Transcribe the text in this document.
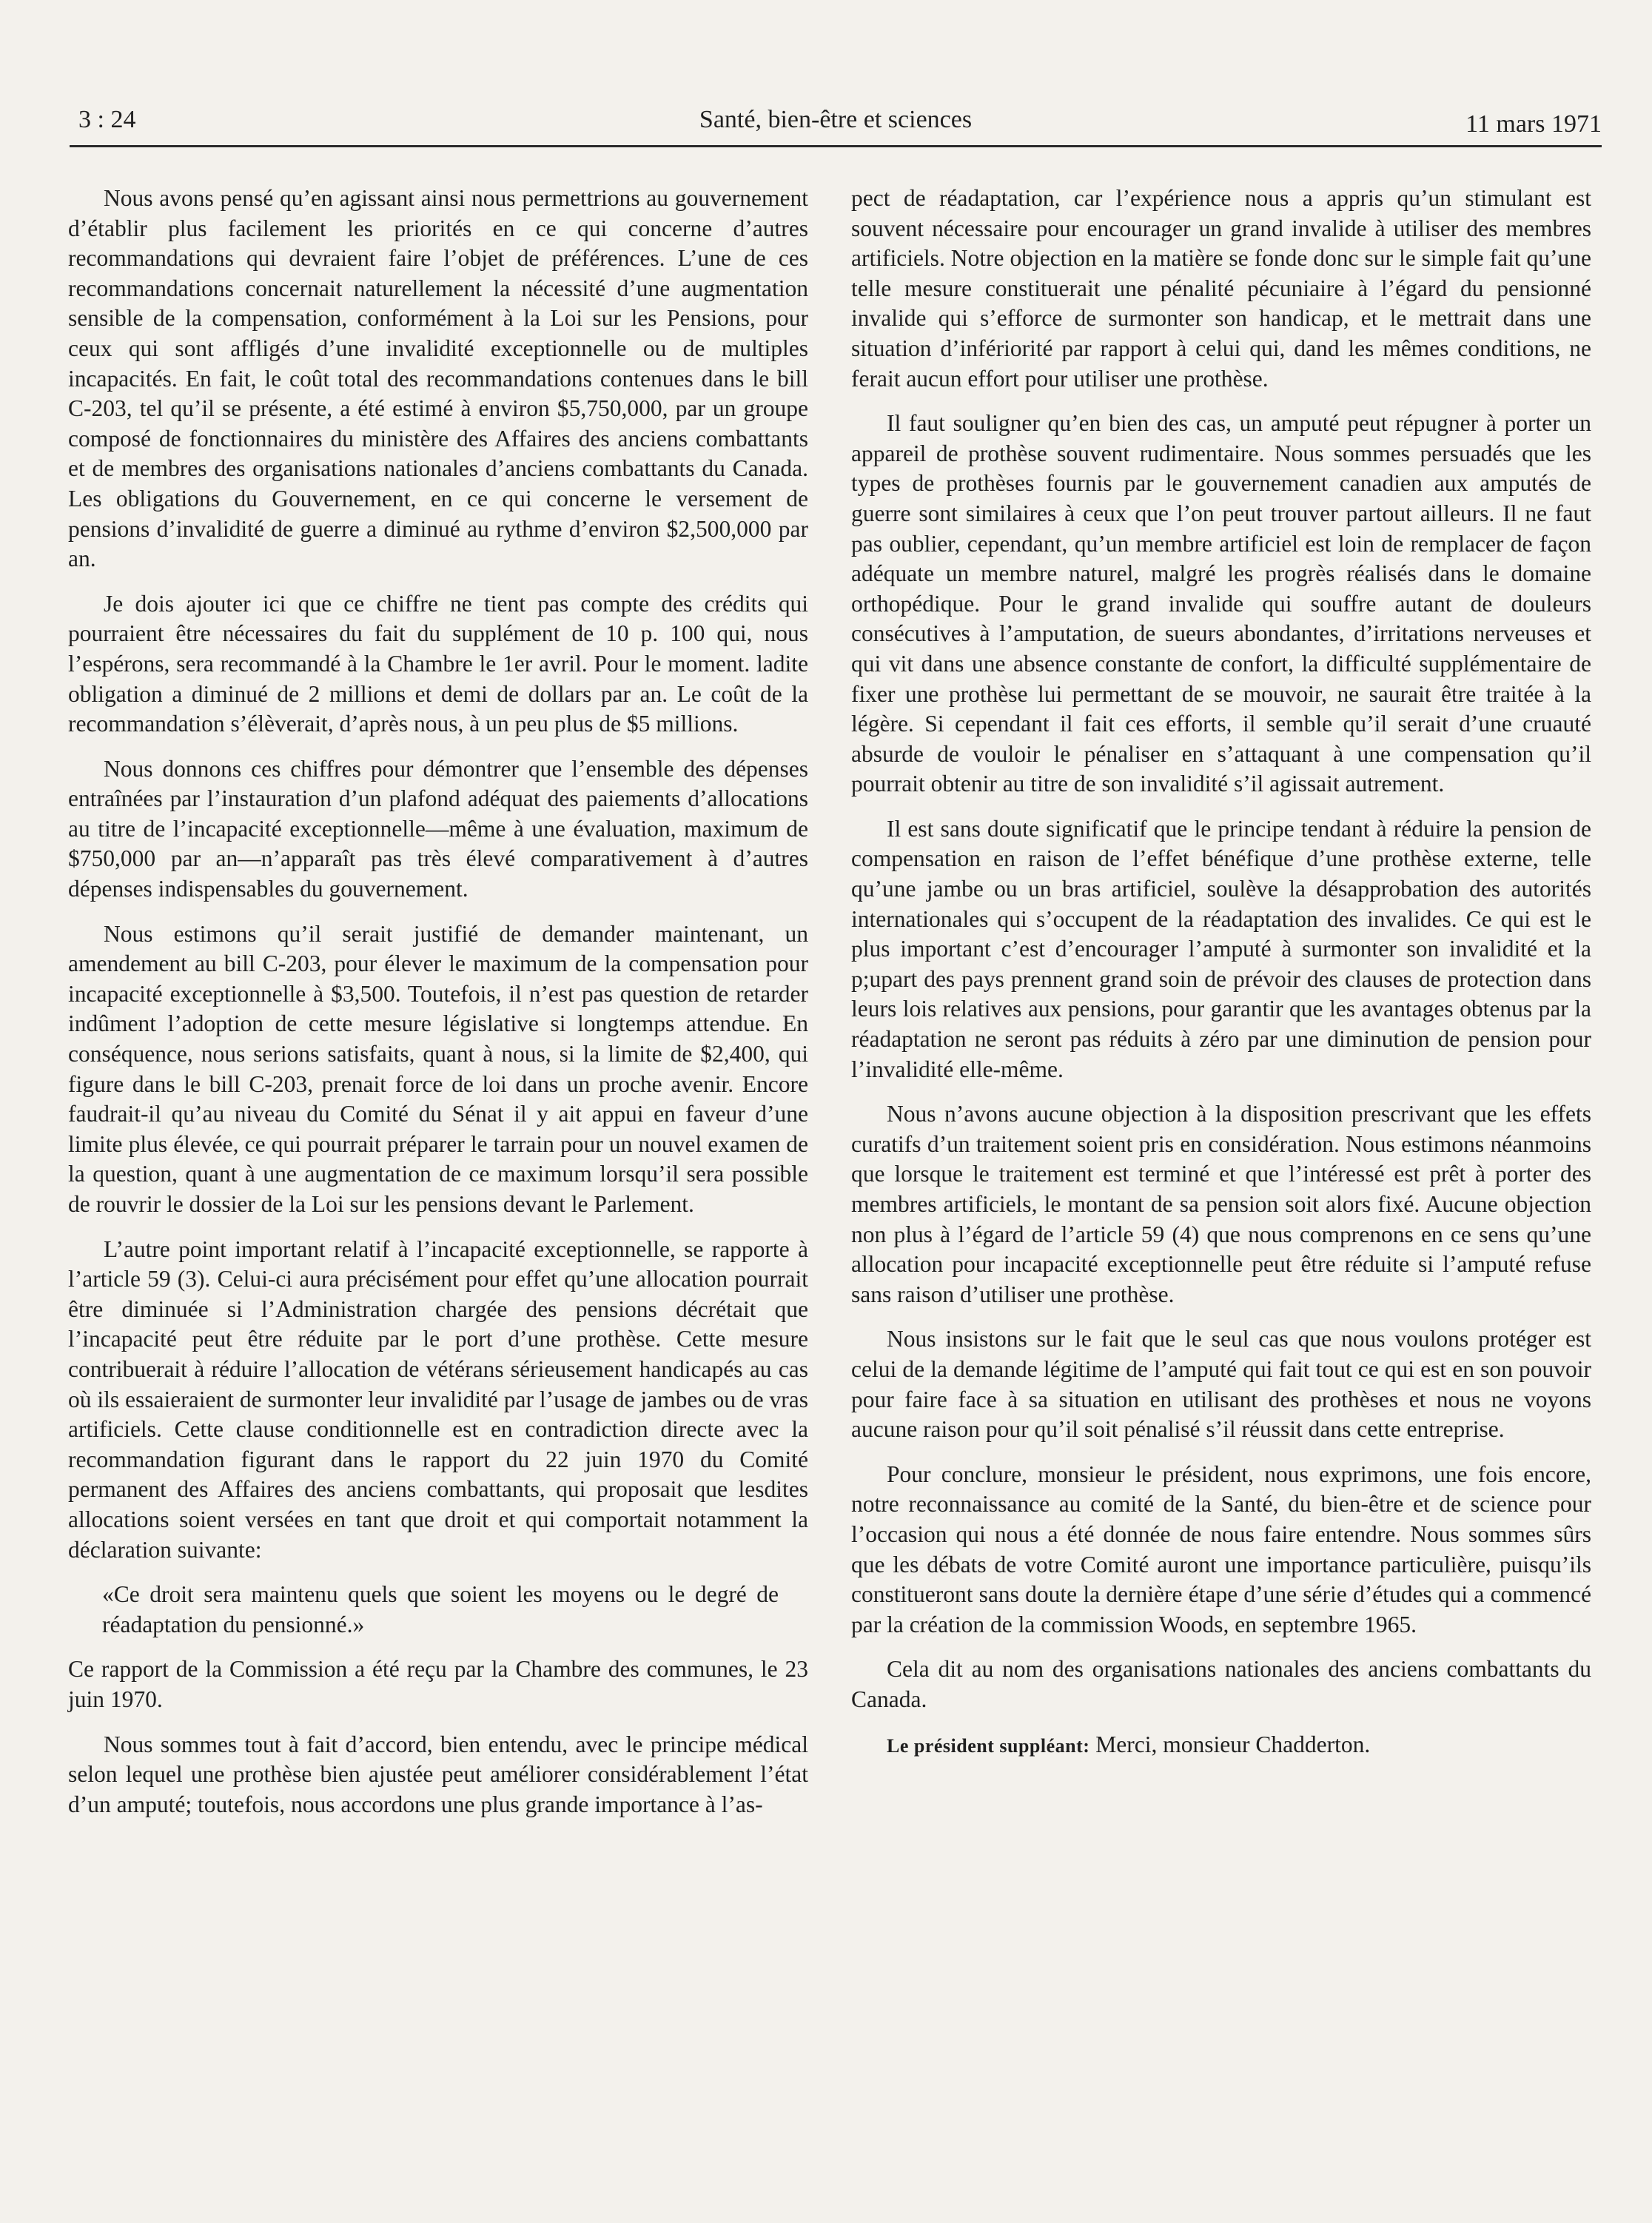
3 : 24	Santé, bien-être et sciences	11 mars 1971

Nous avons pensé qu’en agissant ainsi nous permettrions au gouvernement d’établir plus facilement les priorités en ce qui concerne d’autres recommandations qui devraient faire l’objet de préférences. L’une de ces recommandations concernait naturellement la nécessité d’une augmentation sensible de la compensation, conformément à la Loi sur les Pensions, pour ceux qui sont affligés d’une invalidité exceptionnelle ou de multiples incapacités. En fait, le coût total des recommandations contenues dans le bill C-203, tel qu’il se présente, a été estimé à environ $5,750,000, par un groupe composé de fonctionnaires du ministère des Affaires des anciens combattants et de membres des organisations nationales d’anciens combattants du Canada. Les obligations du Gouvernement, en ce qui concerne le versement de pensions d’invalidité de guerre a diminué au rythme d’environ $2,500,000 par an.

Je dois ajouter ici que ce chiffre ne tient pas compte des crédits qui pourraient être nécessaires du fait du supplément de 10 p. 100 qui, nous l’espérons, sera recommandé à la Chambre le 1er avril. Pour le moment. ladite obligation a diminué de 2 millions et demi de dollars par an. Le coût de la recommandation s’élèverait, d’après nous, à un peu plus de $5 millions.

Nous donnons ces chiffres pour démontrer que l’ensemble des dépenses entraînées par l’instauration d’un plafond adéquat des paiements d’allocations au titre de l’incapacité exceptionnelle—même à une évaluation, maximum de $750,000 par an—n’apparaît pas très élevé comparativement à d’autres dépenses indispensables du gouvernement.

Nous estimons qu’il serait justifié de demander maintenant, un amendement au bill C-203, pour élever le maximum de la compensation pour incapacité exceptionnelle à $3,500. Toutefois, il n’est pas question de retarder indûment l’adoption de cette mesure législative si longtemps attendue. En conséquence, nous serions satisfaits, quant à nous, si la limite de $2,400, qui figure dans le bill C-203, prenait force de loi dans un proche avenir. Encore faudrait-il qu’au niveau du Comité du Sénat il y ait appui en faveur d’une limite plus élevée, ce qui pourrait préparer le tarrain pour un nouvel examen de la question, quant à une augmentation de ce maximum lorsqu’il sera possible de rouvrir le dossier de la Loi sur les pensions devant le Parlement.

L’autre point important relatif à l’incapacité exceptionnelle, se rapporte à l’article 59 (3). Celui-ci aura précisément pour effet qu’une allocation pourrait être diminuée si l’Administration chargée des pensions décrétait que l’incapacité peut être réduite par le port d’une prothèse. Cette mesure contribuerait à réduire l’allocation de vétérans sérieusement handicapés au cas où ils essaieraient de surmonter leur invalidité par l’usage de jambes ou de vras artificiels. Cette clause conditionnelle est en contradiction directe avec la recommandation figurant dans le rapport du 22 juin 1970 du Comité permanent des Affaires des anciens combattants, qui proposait que lesdites allocations soient versées en tant que droit et qui comportait notamment la déclaration suivante:

«Ce droit sera maintenu quels que soient les moyens ou le degré de réadaptation du pensionné.»

Ce rapport de la Commission a été reçu par la Chambre des communes, le 23 juin 1970.

Nous sommes tout à fait d’accord, bien entendu, avec le principe médical selon lequel une prothèse bien ajustée peut améliorer considérablement l’état d’un amputé; toutefois, nous accordons une plus grande importance à l’as-

pect de réadaptation, car l’expérience nous a appris qu’un stimulant est souvent nécessaire pour encourager un grand invalide à utiliser des membres artificiels. Notre objection en la matière se fonde donc sur le simple fait qu’une telle mesure constituerait une pénalité pécuniaire à l’égard du pensionné invalide qui s’efforce de surmonter son handicap, et le mettrait dans une situation d’infériorité par rapport à celui qui, dand les mêmes conditions, ne ferait aucun effort pour utiliser une prothèse.

Il faut souligner qu’en bien des cas, un amputé peut répugner à porter un appareil de prothèse souvent rudimentaire. Nous sommes persuadés que les types de prothèses fournis par le gouvernement canadien aux amputés de guerre sont similaires à ceux que l’on peut trouver partout ailleurs. Il ne faut pas oublier, cependant, qu’un membre artificiel est loin de remplacer de façon adéquate un membre naturel, malgré les progrès réalisés dans le domaine orthopédique. Pour le grand invalide qui souffre autant de douleurs consécutives à l’amputation, de sueurs abondantes, d’irritations nerveuses et qui vit dans une absence constante de confort, la difficulté supplémentaire de fixer une prothèse lui permettant de se mouvoir, ne saurait être traitée à la légère. Si cependant il fait ces efforts, il semble qu’il serait d’une cruauté absurde de vouloir le pénaliser en s’attaquant à une compensation qu’il pourrait obtenir au titre de son invalidité s’il agissait autrement.

Il est sans doute significatif que le principe tendant à réduire la pension de compensation en raison de l’effet bénéfique d’une prothèse externe, telle qu’une jambe ou un bras artificiel, soulève la désapprobation des autorités internationales qui s’occupent de la réadaptation des invalides. Ce qui est le plus important c’est d’encourager l’amputé à surmonter son invalidité et la p;upart des pays prennent grand soin de prévoir des clauses de protection dans leurs lois relatives aux pensions, pour garantir que les avantages obtenus par la réadaptation ne seront pas réduits à zéro par une diminution de pension pour l’invalidité elle-même.

Nous n’avons aucune objection à la disposition prescrivant que les effets curatifs d’un traitement soient pris en considération. Nous estimons néanmoins que lorsque le traitement est terminé et que l’intéressé est prêt à porter des membres artificiels, le montant de sa pension soit alors fixé. Aucune objection non plus à l’égard de l’article 59 (4) que nous comprenons en ce sens qu’une allocation pour incapacité exceptionnelle peut être réduite si l’amputé refuse sans raison d’utiliser une prothèse.

Nous insistons sur le fait que le seul cas que nous voulons protéger est celui de la demande légitime de l’amputé qui fait tout ce qui est en son pouvoir pour faire face à sa situation en utilisant des prothèses et nous ne voyons aucune raison pour qu’il soit pénalisé s’il réussit dans cette entreprise.

Pour conclure, monsieur le président, nous exprimons, une fois encore, notre reconnaissance au comité de la Santé, du bien-être et de science pour l’occasion qui nous a été donnée de nous faire entendre. Nous sommes sûrs que les débats de votre Comité auront une importance particulière, puisqu’ils constitueront sans doute la dernière étape d’une série d’études qui a commencé par la création de la commission Woods, en septembre 1965.

Cela dit au nom des organisations nationales des anciens combattants du Canada.

Le président suppléant: Merci, monsieur Chadderton.
